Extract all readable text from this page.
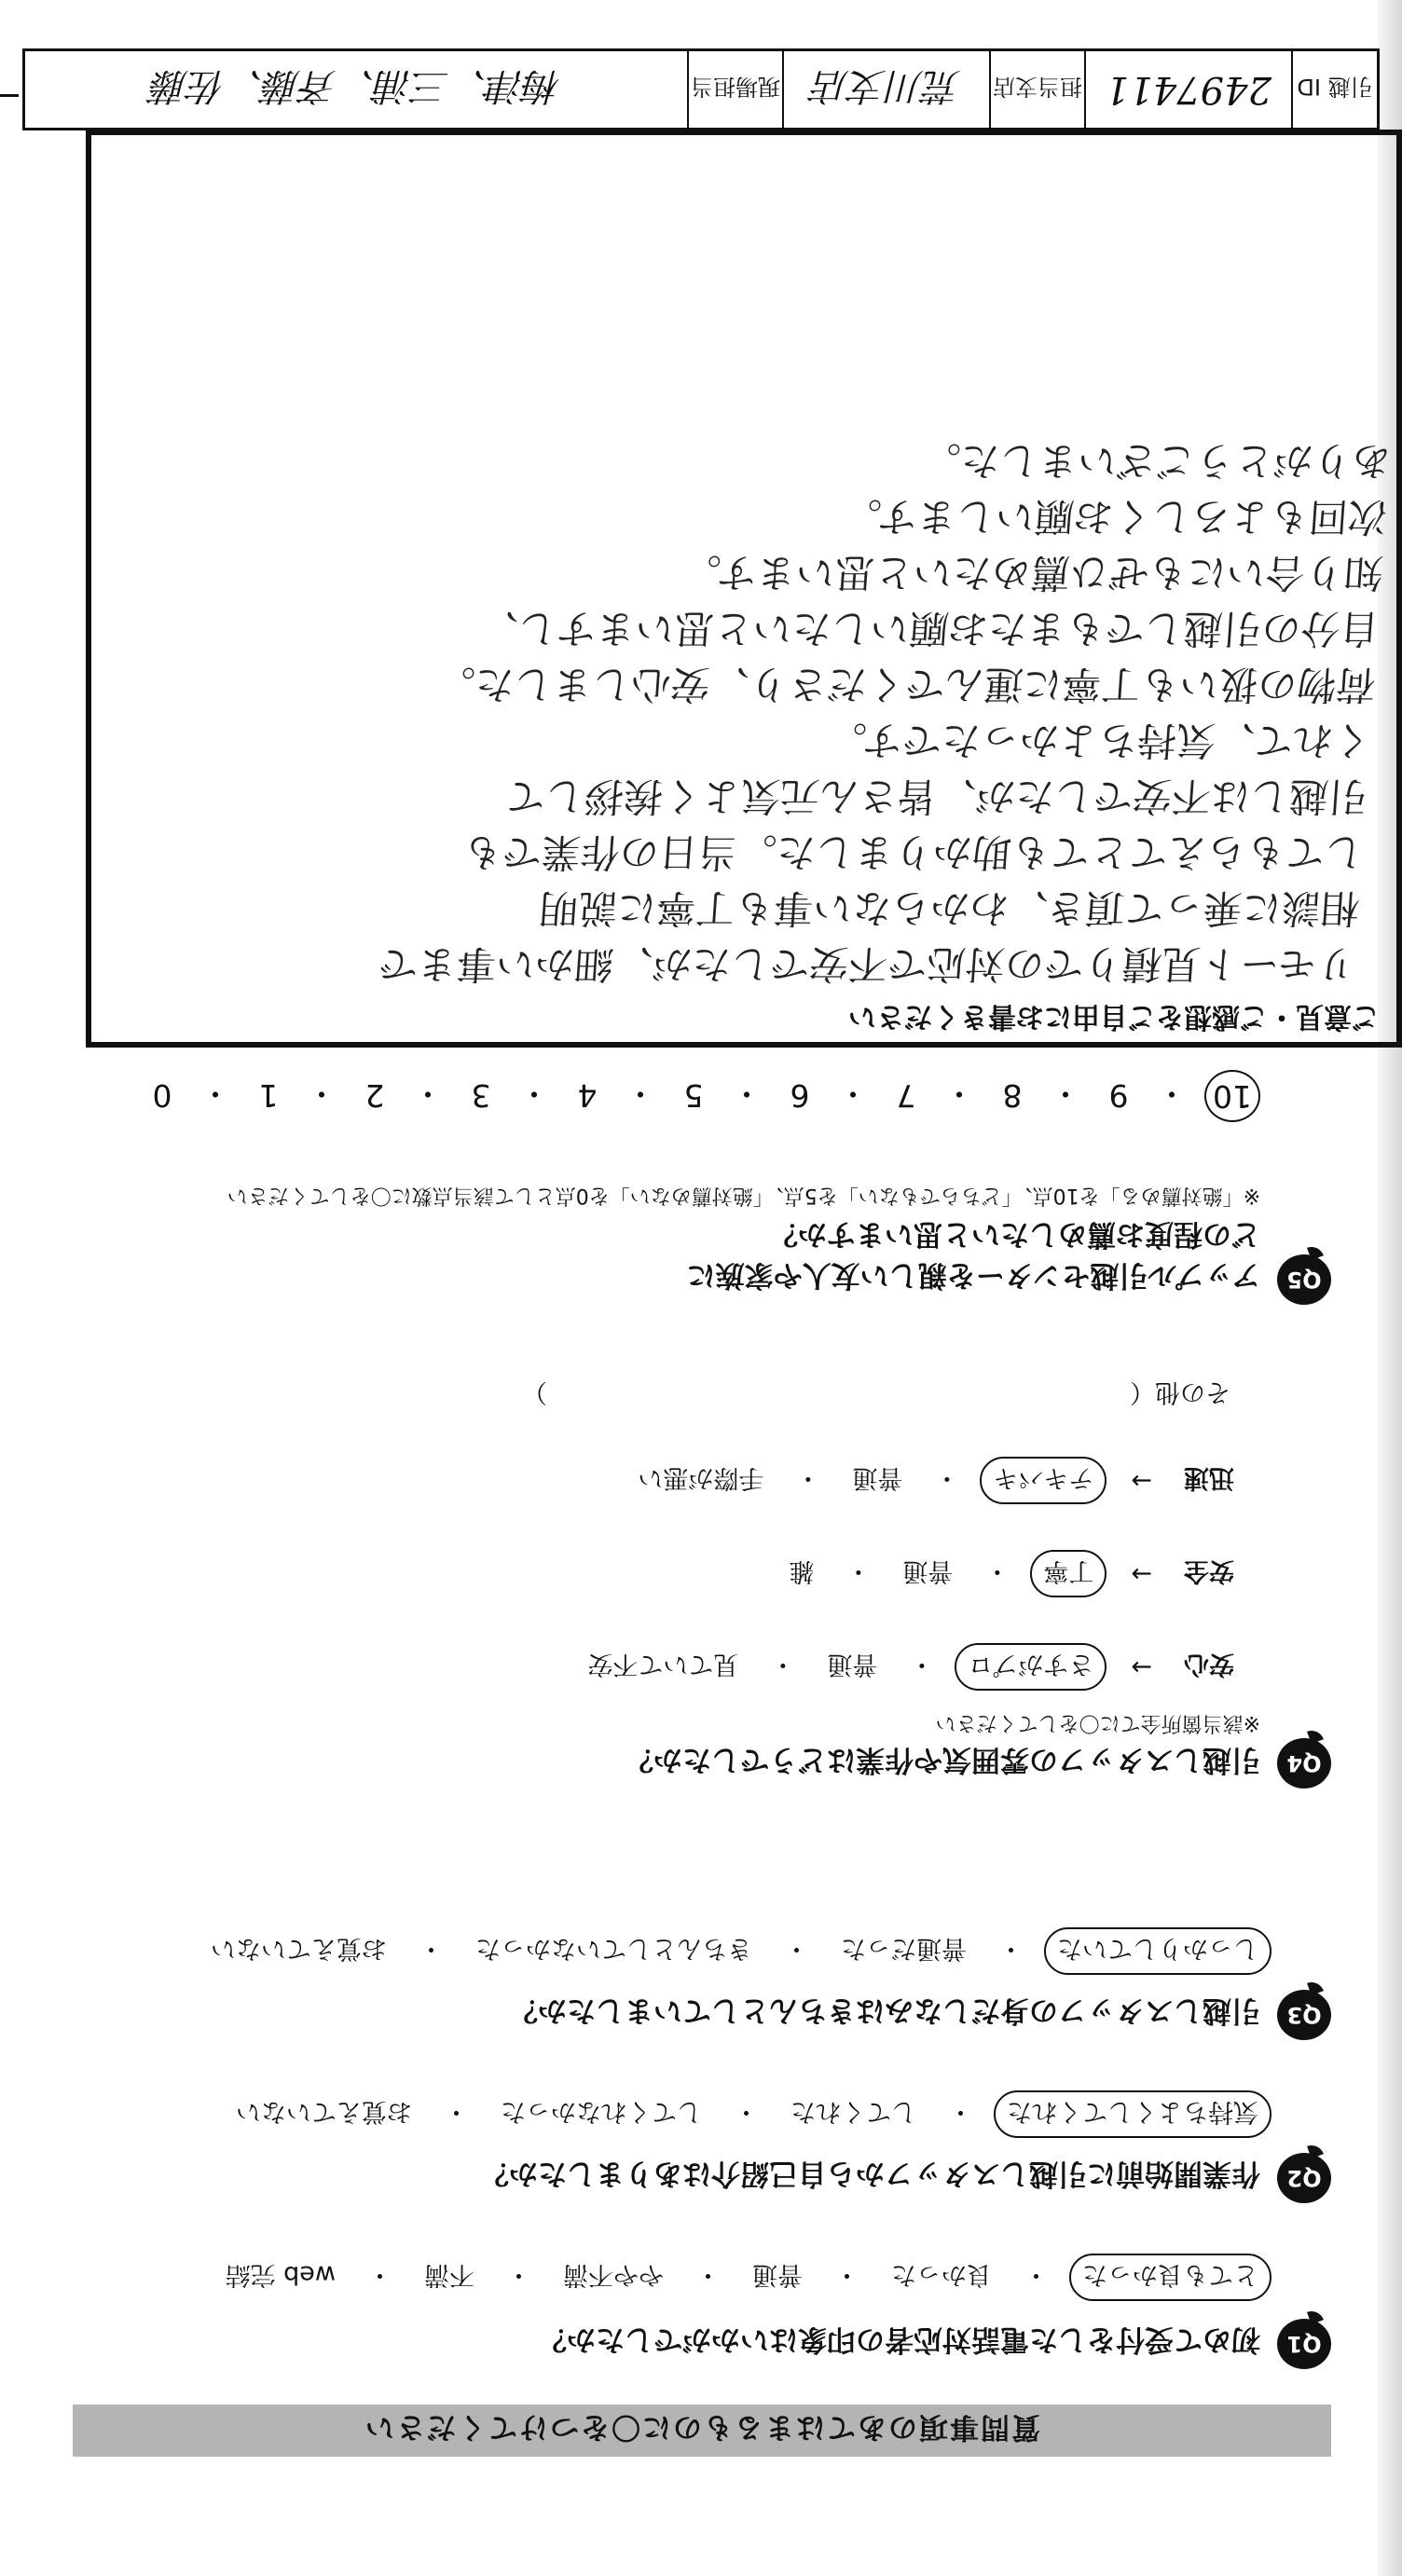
質問事項のあてはまるものに〇をつけてください
Q1
初めて受付をした電話対応者の印象はいかがでしたか？
とても良かった
・
良かった
・
普通
・
やや不満
・
不満
・
web 完結
Q2
作業開始前に引越しスタッフから自己紹介はありましたか？
気持ちよくしてくれた
・
してくれた
・
してくれなかった
・
お覚えていない
Q3
引越しスタッフの身だしなみはきちんとしていましたか？
しっかりしていた
・
普通だった
・
きちんとしていなかった
・
お覚えていない
Q4
引越しスタッフの雰囲気や作業はどうでしたか？
※該当箇所全てに〇をしてください
安心
→
さすがプロ
・
普通
・
見ていて不安
安全
→
丁寧
・
普通
・
雑
迅速
→
テキパキ
・
普通
・
手際が悪い
その他（
）
Q5
アップル引越センターを親しい友人や家族に
どの程度お薦めしたいと思いますか？
※「絶対薦める」を10点、「どちらでもない」を5点、「絶対薦めない」を0点として該当点数に〇をしてください
10
・
9
・
8
・
7
・
6
・
5
・
4
・
3
・
2
・
1
・
0
ご意見・ご感想をご自由にお書きください
リモート見積りでの対応で不安でしたが、細かい事まで
相談に乗って頂き、わからない事も丁寧に説明
してもらえてとても助かりました。当日の作業でも
引越しは不安でしたが、皆さん元気よく挨拶して
くれて、気持ちよかったです。
荷物の扱いも丁寧に運んでくださり、安心しました。
自分の引越しでもまたお願いしたいと思いますし、
知り合いにもぜひ薦めたいと思います。
次回もよろしくお願いします。
ありがとうございました。
引越 ID
2497411
担当支店
荒川支店
現場担当
梅津、三浦、斉藤、佐藤
